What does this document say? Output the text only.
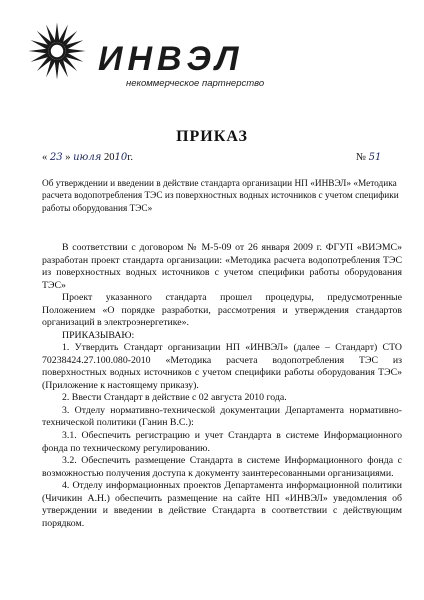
ИНВЭЛ
некоммерческое партнерство
ПРИКАЗ
« 23 » июля 2010г.	№ 51
Об утверждении и введении в действие стандарта организации НП «ИНВЭЛ» «Методика расчета водопотребления ТЭС из поверхностных водных источников с учетом специфики работы оборудования ТЭС»

В соответствии с договором № М-5-09 от 26 января 2009 г. ФГУП «ВИЭМС» разработан проект стандарта организации: «Методика расчета водопотребления ТЭС из поверхностных водных источников с учетом специфики работы оборудования ТЭС»

Проект указанного стандарта прошел процедуры, предусмотренные Положением «О порядке разработки, рассмотрения и утверждения стандартов организаций в электроэнергетике».

ПРИКАЗЫВАЮ:

1. Утвердить Стандарт организации НП «ИНВЭЛ» (далее – Стандарт) СТО 70238424.27.100.080-2010 «Методика расчета водопотребления ТЭС из поверхностных водных источников с учетом специфики работы оборудования ТЭС» (Приложение к настоящему приказу).

2. Ввести Стандарт в действие с 02 августа 2010 года.

3. Отделу нормативно-технической документации Департамента нормативно-технической политики (Ганин В.С.):

3.1. Обеспечить регистрацию и учет Стандарта в системе Информационного фонда по техническому регулированию.

3.2. Обеспечить размещение Стандарта в системе Информационного фонда с возможностью получения доступа к документу заинтересованными организациями.

4. Отделу информационных проектов Департамента информационной политики (Чичикин А.Н.) обеспечить размещение на сайте НП «ИНВЭЛ» уведомления об утверждении и введении в действие Стандарта в соответствии с действующим порядком.
